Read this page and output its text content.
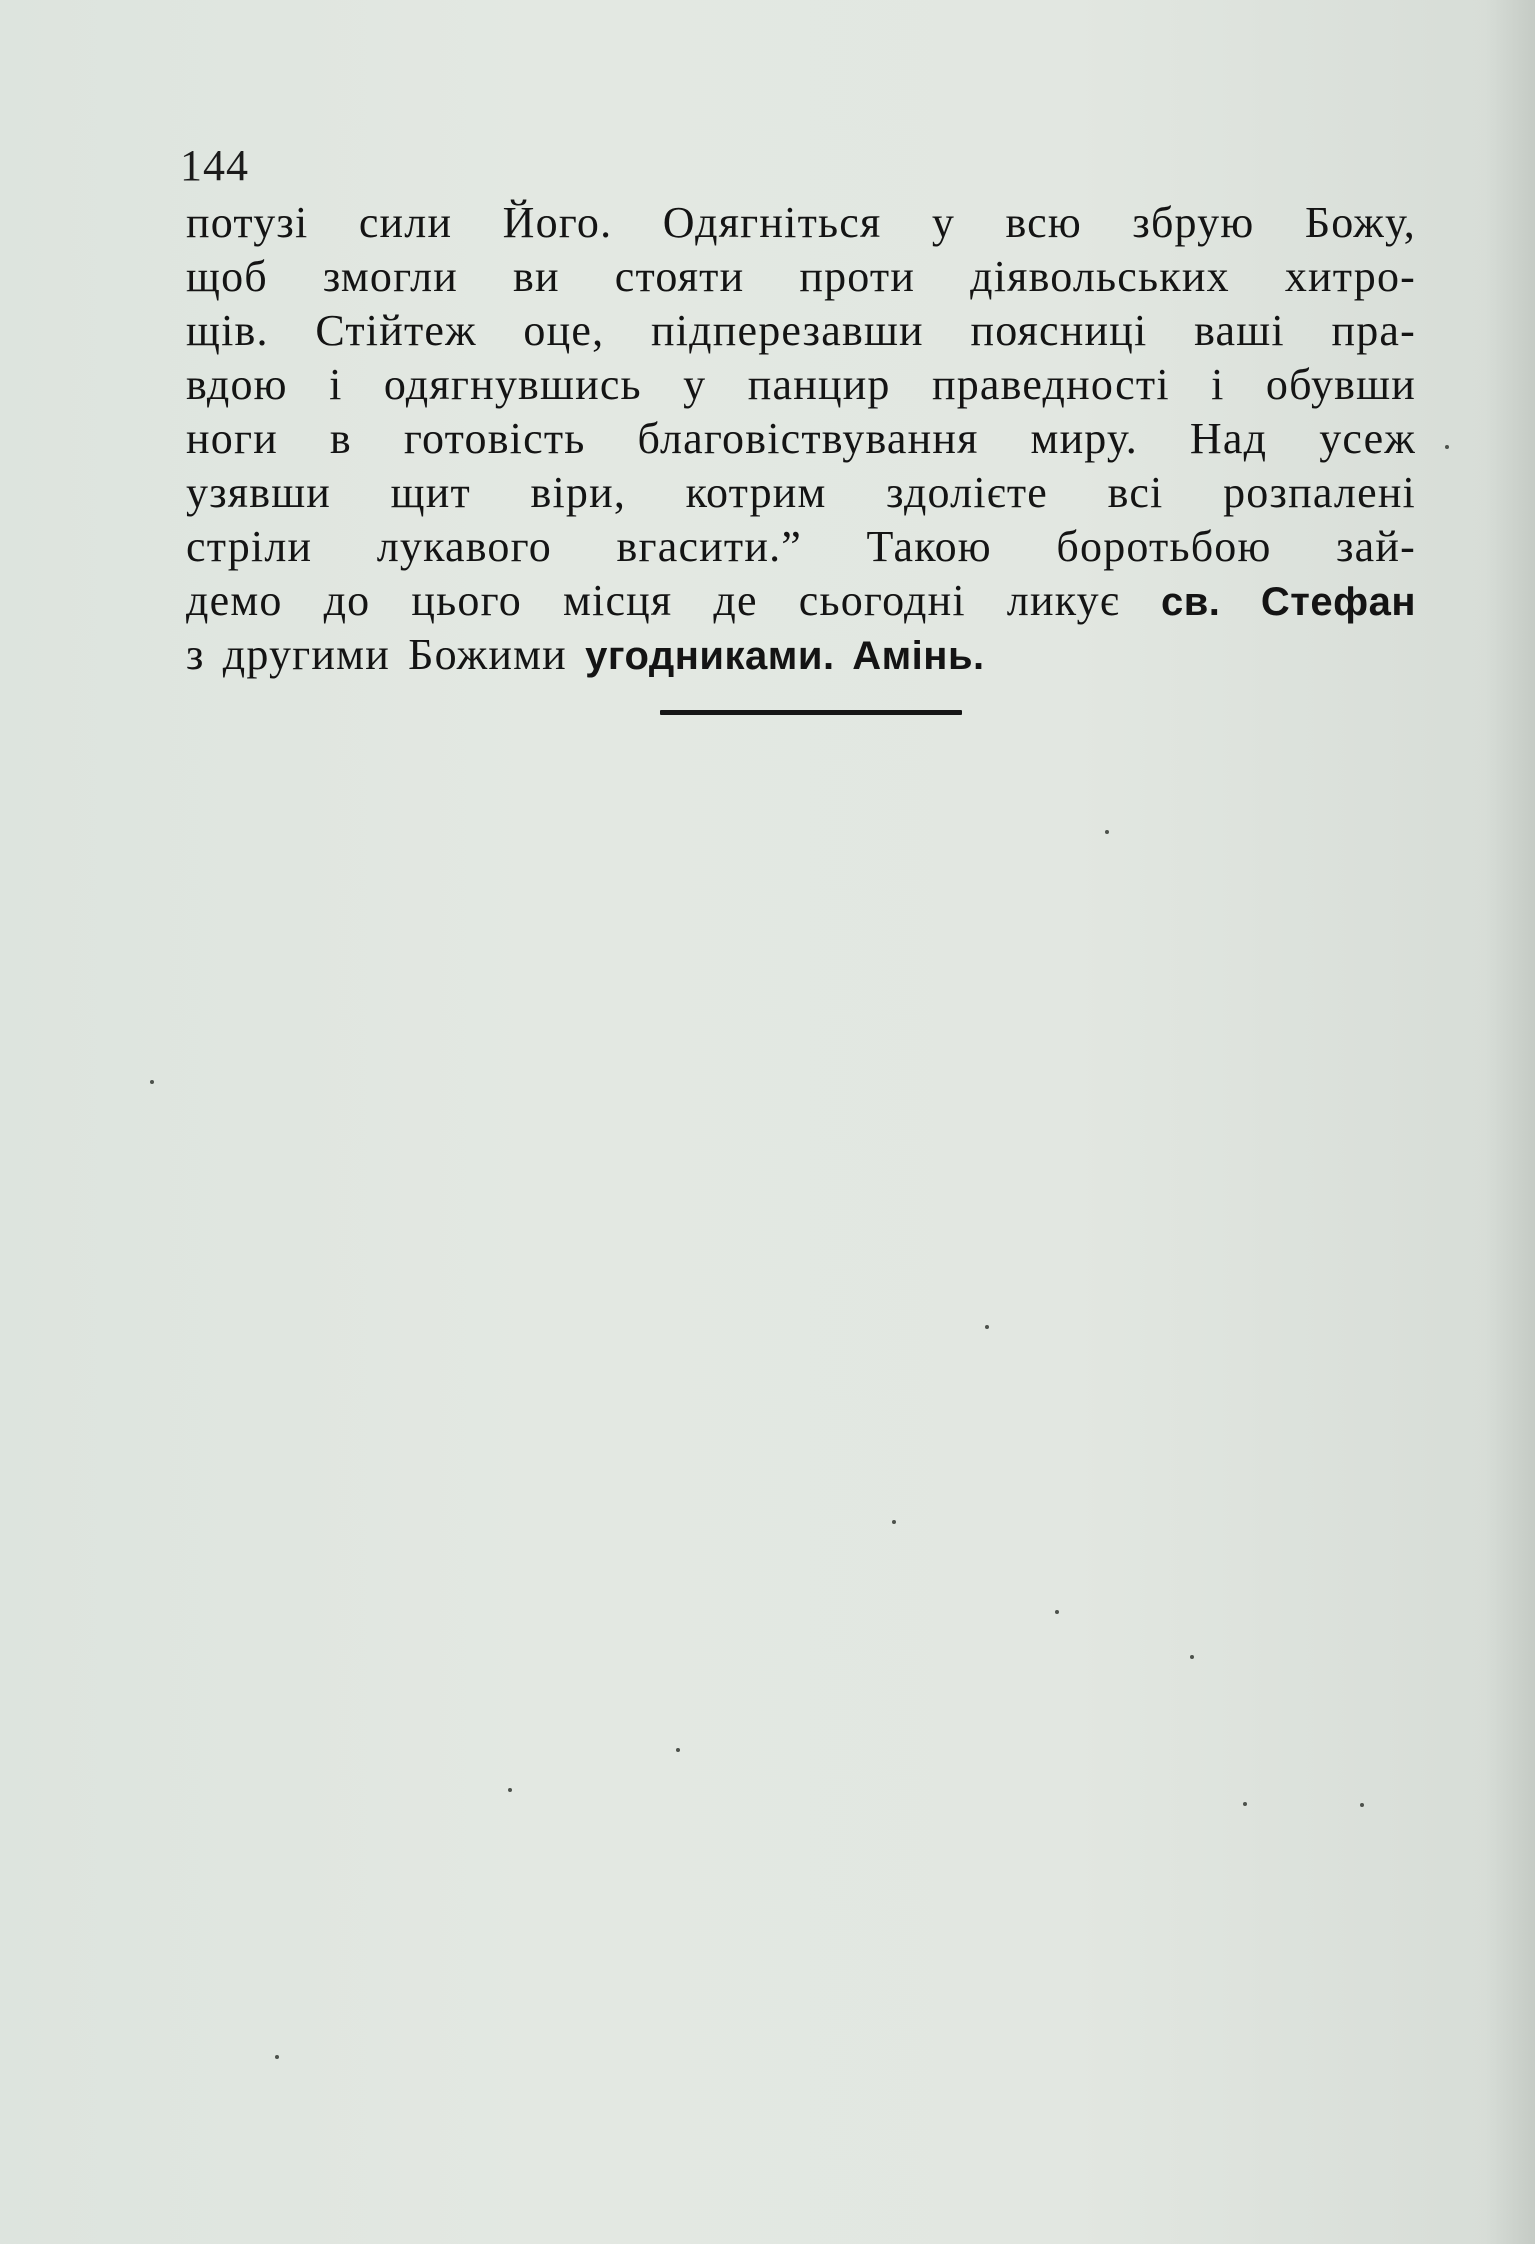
144
потузі сили Його. Одягніться у всю збрую Божу,
щоб змогли ви стояти проти діявольських хитро-
щів. Стійтеж оце, підперезавши поясниці ваші пра-
вдою і одягнувшись у панцир праведності і обувши
ноги в готовість благовіствування миру. Над усеж
узявши щит віри, котрим здолієте всі розпалені
стріли лукавого вгасити.” Такою боротьбою зай-
демо до цього місця де сьогодні ликує св. Стефан
з другими Божими угодниками. Амінь.
